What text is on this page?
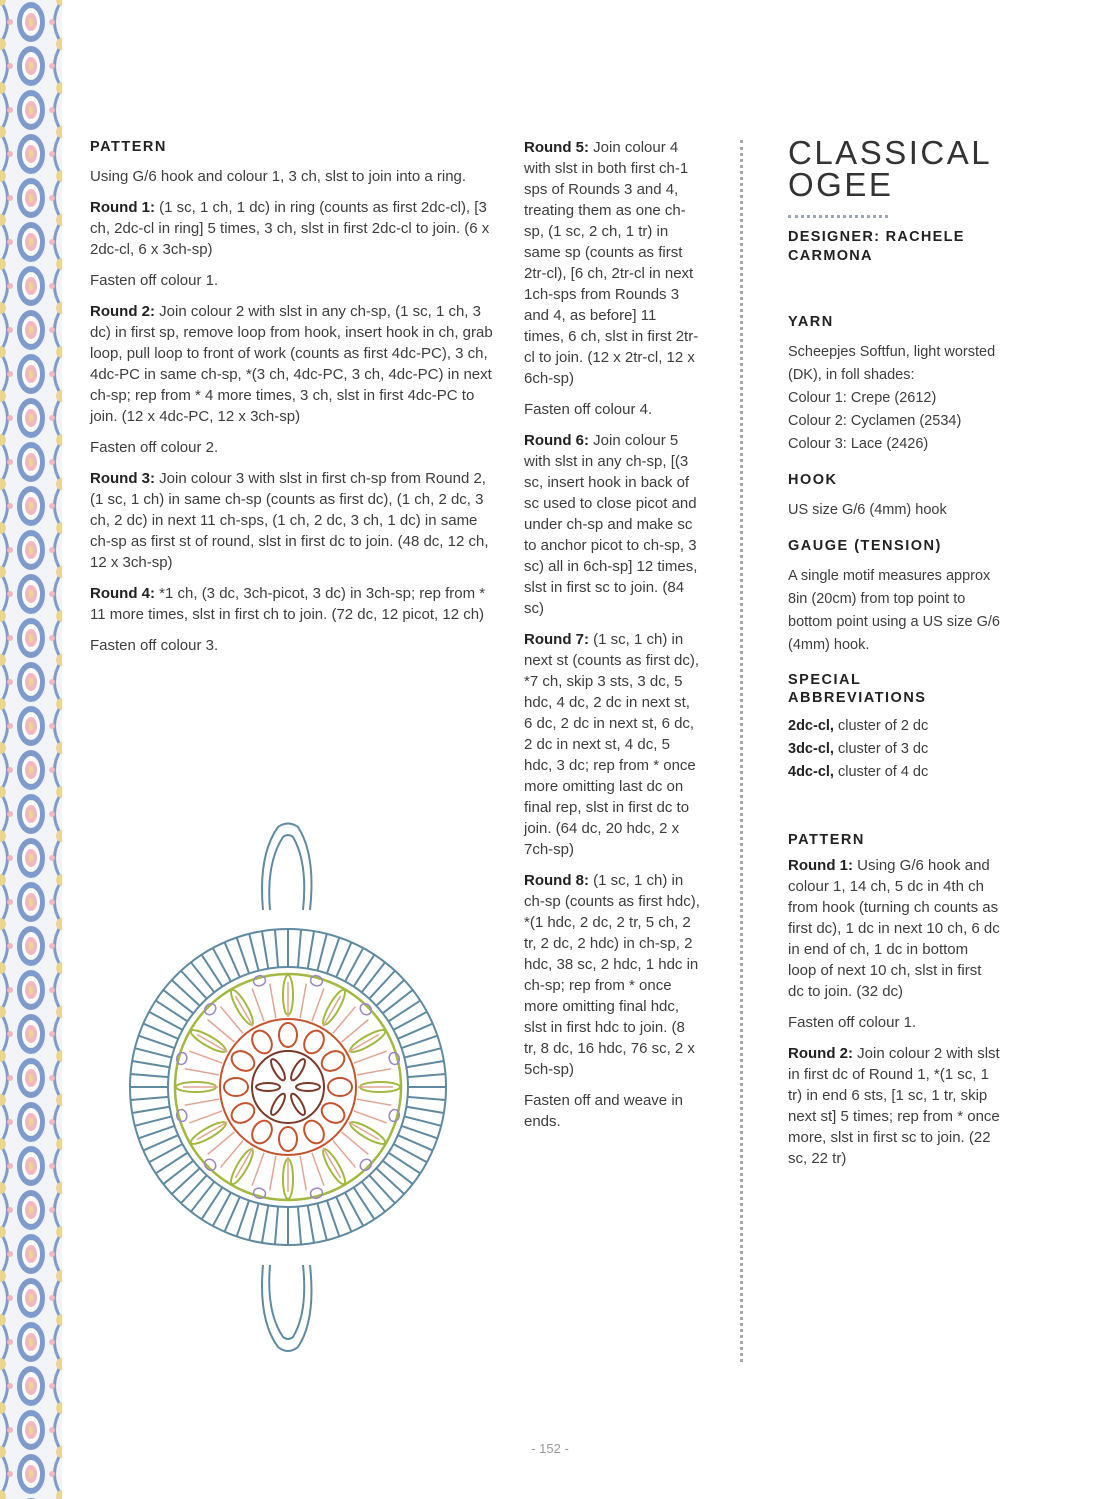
PATTERN

Using G/6 hook and colour 1, 3 ch, slst to join into a ring.

Round 1: (1 sc, 1 ch, 1 dc) in ring (counts as first 2dc-cl), [3 ch, 2dc-cl in ring] 5 times, 3 ch, slst in first 2dc-cl to join. (6 x 2dc-cl, 6 x 3ch-sp)

Fasten off colour 1.

Round 2: Join colour 2 with slst in any ch-sp, (1 sc, 1 ch, 3 dc) in first sp, remove loop from hook, insert hook in ch, grab loop, pull loop to front of work (counts as first 4dc-PC), 3 ch, 4dc-PC in same ch-sp, *(3 ch, 4dc-PC, 3 ch, 4dc-PC) in next ch-sp; rep from * 4 more times, 3 ch, slst in first 4dc-PC to join. (12 x 4dc-PC, 12 x 3ch-sp)

Fasten off colour 2.

Round 3: Join colour 3 with slst in first ch-sp from Round 2, (1 sc, 1 ch) in same ch-sp (counts as first dc), (1 ch, 2 dc, 3 ch, 2 dc) in next 11 ch-sps, (1 ch, 2 dc, 3 ch, 1 dc) in same ch-sp as first st of round, slst in first dc to join. (48 dc, 12 ch, 12 x 3ch-sp)

Round 4: *1 ch, (3 dc, 3ch-picot, 3 dc) in 3ch-sp; rep from * 11 more times, slst in first ch to join. (72 dc, 12 picot, 12 ch)

Fasten off colour 3.

Round 5: Join colour 4 with slst in both first ch-1 sps of Rounds 3 and 4, treating them as one ch-sp, (1 sc, 2 ch, 1 tr) in same sp (counts as first 2tr-cl), [6 ch, 2tr-cl in next 1ch-sps from Rounds 3 and 4, as before] 11 times, 6 ch, slst in first 2tr-cl to join. (12 x 2tr-cl, 12 x 6ch-sp)

Fasten off colour 4.

Round 6: Join colour 5 with slst in any ch-sp, [(3 sc, insert hook in back of sc used to close picot and under ch-sp and make sc to anchor picot to ch-sp, 3 sc) all in 6ch-sp] 12 times, slst in first sc to join. (84 sc)

Round 7: (1 sc, 1 ch) in next st (counts as first dc), *7 ch, skip 3 sts, 3 dc, 5 hdc, 4 dc, 2 dc in next st, 6 dc, 2 dc in next st, 6 dc, 2 dc in next st, 4 dc, 5 hdc, 3 dc; rep from * once more omitting last dc on final rep, slst in first dc to join. (64 dc, 20 hdc, 2 x 7ch-sp)

Round 8: (1 sc, 1 ch) in ch-sp (counts as first hdc), *(1 hdc, 2 dc, 2 tr, 5 ch, 2 tr, 2 dc, 2 hdc) in ch-sp, 2 hdc, 38 sc, 2 hdc, 1 hdc in ch-sp; rep from * once more omitting final hdc, slst in first hdc to join. (8 tr, 8 dc, 16 hdc, 76 sc, 2 x 5ch-sp)

Fasten off and weave in ends.

CLASSICAL
OGEE
DESIGNER: RACHELE CARMONA
YARN

Scheepjes Softfun, light worsted (DK), in foll shades:
Colour 1: Crepe (2612)
Colour 2: Cyclamen (2534)
Colour 3: Lace (2426)

HOOK

US size G/6 (4mm) hook

GAUGE (TENSION)

A single motif measures approx 8in (20cm) from top point to bottom point using a US size G/6 (4mm) hook.

SPECIAL ABBREVIATIONS

2dc-cl, cluster of 2 dc
3dc-cl, cluster of 3 dc
4dc-cl, cluster of 4 dc

PATTERN

Round 1: Using G/6 hook and colour 1, 14 ch, 5 dc in 4th ch from hook (turning ch counts as first dc), 1 dc in next 10 ch, 6 dc in end of ch, 1 dc in bottom loop of next 10 ch, slst in first dc to join. (32 dc)

Fasten off colour 1.

Round 2: Join colour 2 with slst in first dc of Round 1, *(1 sc, 1 tr) in end 6 sts, [1 sc, 1 tr, skip next st] 5 times; rep from * once more, slst in first sc to join. (22 sc, 22 tr)

- 152 -
